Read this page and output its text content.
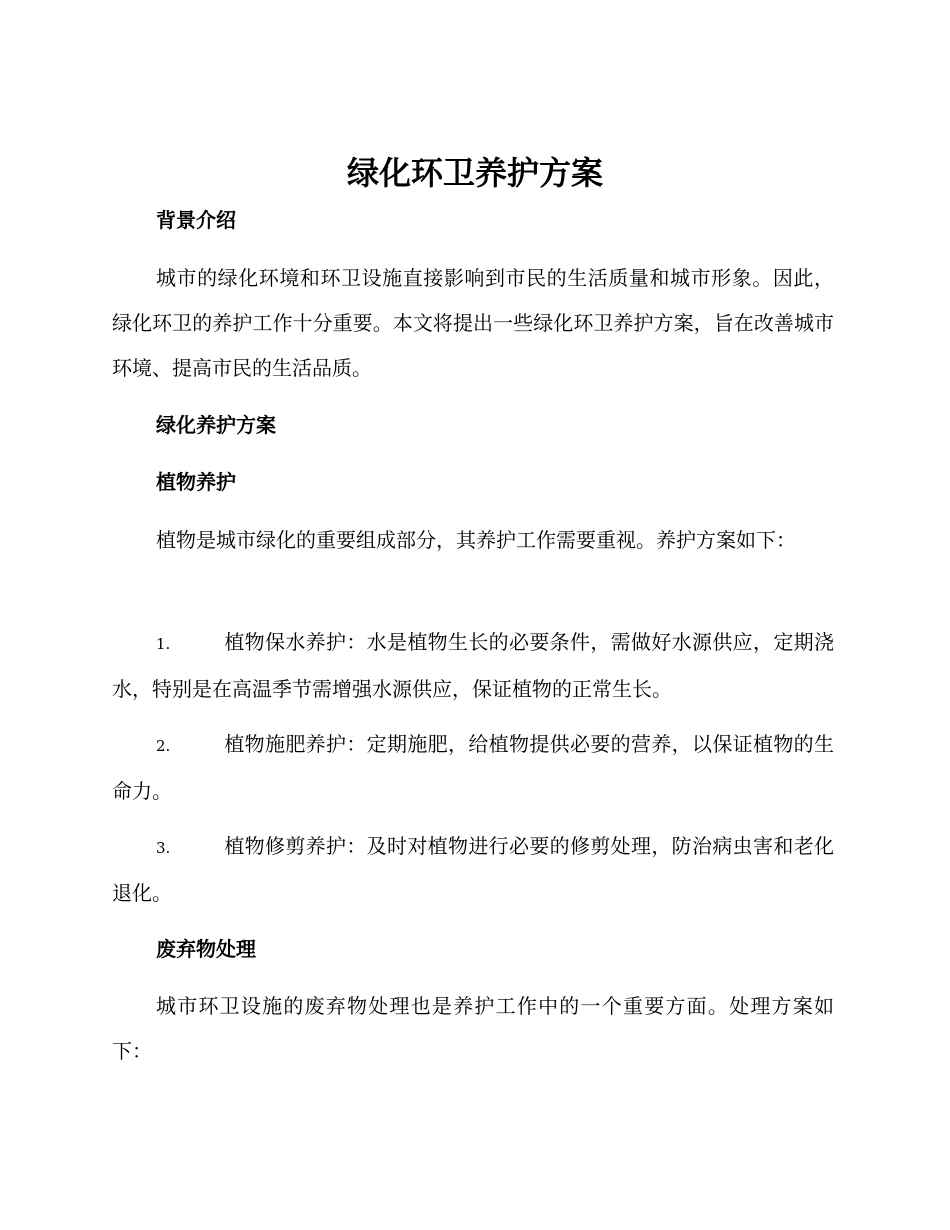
绿化环卫养护方案
背景介绍
城市的绿化环境和环卫设施直接影响到市民的生活质量和城市形象。因此，绿化环卫的养护工作十分重要。本文将提出一些绿化环卫养护方案，旨在改善城市环境、提高市民的生活品质。
绿化养护方案
植物养护
植物是城市绿化的重要组成部分，其养护工作需要重视。养护方案如下：
1.	植物保水养护：水是植物生长的必要条件，需做好水源供应，定期浇水，特别是在高温季节需增强水源供应，保证植物的正常生长。
2.	植物施肥养护：定期施肥，给植物提供必要的营养，以保证植物的生命力。
3.	植物修剪养护：及时对植物进行必要的修剪处理，防治病虫害和老化退化。
废弃物处理
城市环卫设施的废弃物处理也是养护工作中的一个重要方面。处理方案如下：
